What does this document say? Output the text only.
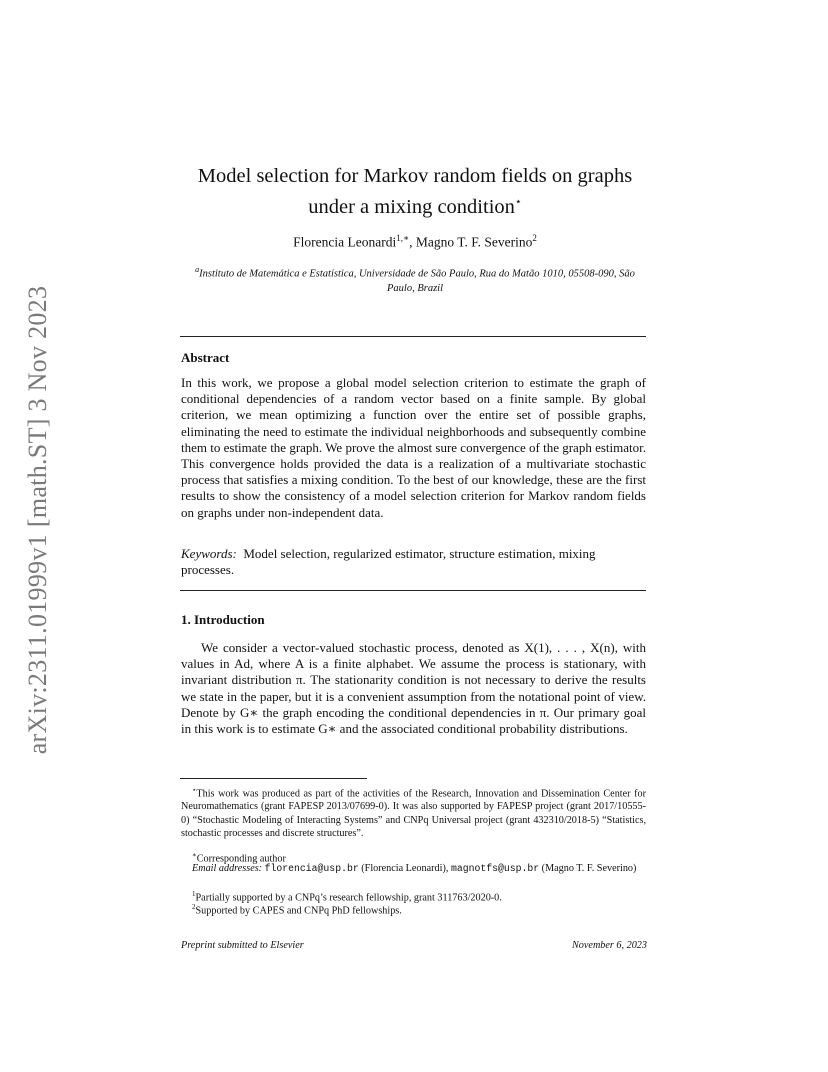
arXiv:2311.01999v1 [math.ST] 3 Nov 2023
Model selection for Markov random fields on graphs
under a mixing condition⋆
Florencia Leonardi$^{1,∗}$, Magno T. F. Severino$^2$
$^a$Instituto de Matemática e Estatística, Universidade de São Paulo, Rua do Matão 1010, 05508-090, São Paulo, Brazil
Abstract
In this work, we propose a global model selection criterion to estimate the graph of conditional dependencies of a random vector based on a finite sample. By global criterion, we mean optimizing a function over the entire set of possible graphs, eliminating the need to estimate the individual neighborhoods and subsequently combine them to estimate the graph. We prove the almost sure convergence of the graph estimator. This convergence holds provided the data is a realization of a multivariate stochastic process that satisfies a mixing condition. To the best of our knowledge, these are the first results to show the consistency of a model selection criterion for Markov random fields on graphs under non-independent data.
Keywords: Model selection, regularized estimator, structure estimation, mixing processes.
1. Introduction
We consider a vector-valued stochastic process, denoted as X(1), . . . , X(n), with values in Ad, where A is a finite alphabet. We assume the process is stationary, with invariant distribution π. The stationarity condition is not necessary to derive the results we state in the paper, but it is a convenient assumption from the notational point of view. Denote by G∗ the graph encoding the conditional dependencies in π. Our primary goal in this work is to estimate G∗ and the associated conditional probability distributions.
⋆This work was produced as part of the activities of the Research, Innovation and Dissemination Center for Neuromathematics (grant FAPESP 2013/07699-0). It was also supported by FAPESP project (grant 2017/10555-0) “Stochastic Modeling of Interacting Systems” and CNPq Universal project (grant 432310/2018-5) “Statistics, stochastic processes and discrete structures”.
∗Corresponding author
Email addresses: florencia@usp.br (Florencia Leonardi), magnotfs@usp.br (Magno T. F. Severino)
$^1$Partially supported by a CNPq’s research fellowship, grant 311763/2020-0.
$^2$Supported by CAPES and CNPq PhD fellowships.
Preprint submitted to Elsevier	November 6, 2023
